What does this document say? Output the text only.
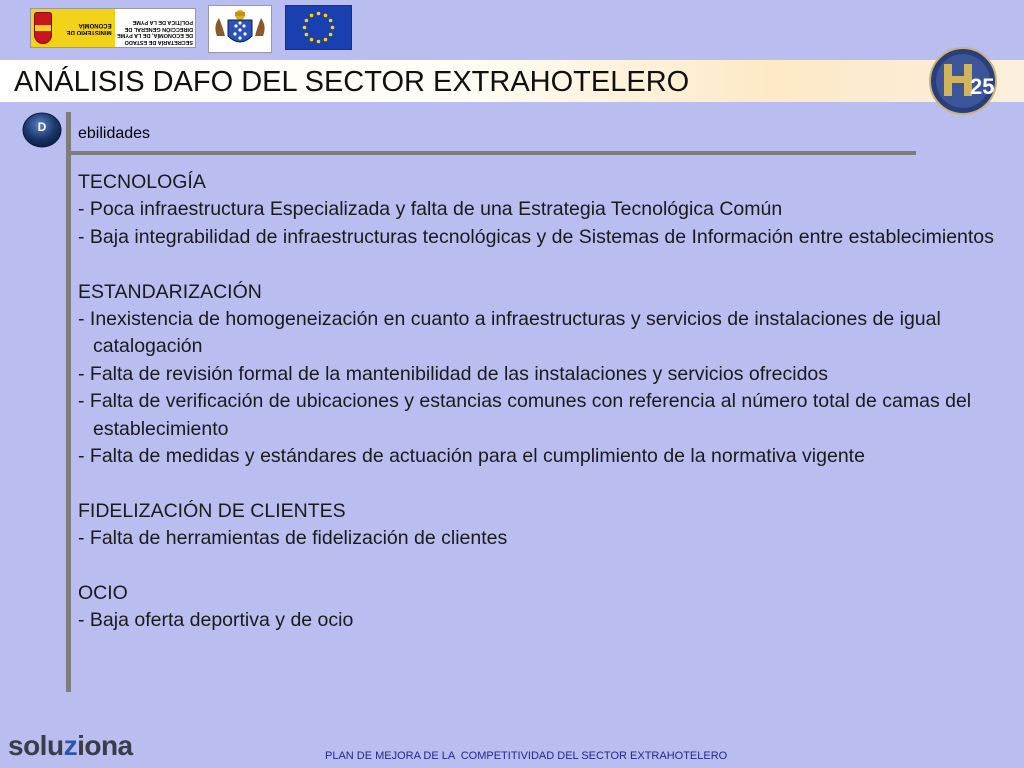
MINISTERIO DE ECONOMÍA
SECRETARÍA DE ESTADO DE ECONOMÍA, DE LA PYME
DIRECCIÓN GENERAL DE POLÍTICA DE LA PYME
ANÁLISIS DAFO DEL SECTOR EXTRAHOTELERO	25
D	ebilidades
TECNOLOGÍA
- Poca infraestructura Especializada y falta de una Estrategia Tecnológica Común
- Baja integrabilidad de infraestructuras tecnológicas y de Sistemas de Información entre establecimientos
ESTANDARIZACIÓN
- Inexistencia de homogeneización en cuanto a infraestructuras y servicios de instalaciones de igual catalogación
- Falta de revisión formal de la mantenibilidad de las instalaciones y servicios ofrecidos
- Falta de verificación de ubicaciones y estancias comunes con referencia al número total de camas del establecimiento
- Falta de medidas y estándares de actuación para el cumplimiento de la normativa vigente
FIDELIZACIÓN DE CLIENTES
- Falta de herramientas de fidelización de clientes
OCIO
- Baja oferta deportiva y de ocio
soluziona	PLAN DE MEJORA DE LA  COMPETITIVIDAD DEL SECTOR EXTRAHOTELERO
